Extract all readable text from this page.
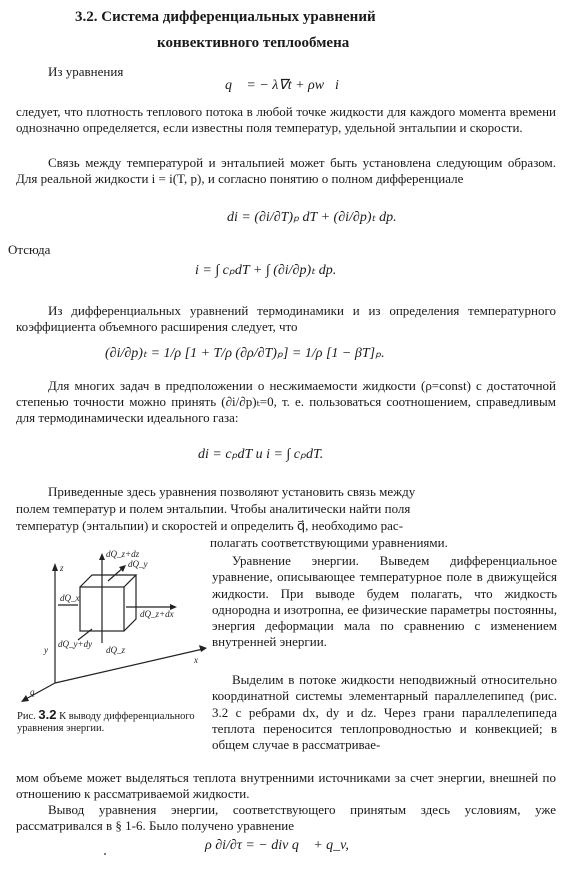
3.2. Система дифференциальных уравнений

конвективного теплообмена

Из уравнения

q⃗ = − λ∇t + ρw⃗i

следует, что плотность теплового потока в любой точке жидкости для каждого момента времени однозначно определяется, если известны поля температур, удельной энтальпии и скорости.

Связь между температурой и энтальпией может быть установлена следующим образом. Для реальной жидкости i = i(T, p), и согласно понятию о полном дифференциале

di = (∂i/∂T)ₚ dT + (∂i/∂p)ₜ dp.

Отсюда

i = ∫ cₚdT + ∫ (∂i/∂p)ₜ dp.

Из дифференциальных уравнений термодинамики и из определения температурного коэффициента объемного расширения следует, что

(∂i/∂p)ₜ = 1/ρ [1 + T/ρ (∂ρ/∂T)ₚ] = 1/ρ [1 − βT]ₚ.

Для многих задач в предположении о несжимаемости жидкости (ρ=const) с достаточной степенью точности можно принять (∂i/∂p)ₜ=0, т. е. пользоваться соотношением, справедливым для термодинамически идеального газа:

di = cₚdT и i = ∫ cₚdT.

Приведенные здесь уравнения позволяют установить связь между

полем температур и полем энтальпии. Чтобы аналитически найти поля

температур (энтальпии) и скоростей и определить q⃗, необходимо рас-

полагать соответствующими уравнениями.

Уравнение энергии. Выведем дифференциальное уравнение, описывающее температурное поле в движущейся жидкости. При выводе будем полагать, что жидкость однородна и изотропна, ее физические параметры постоянны, энергия деформации мала по сравнению с изменением внутренней энергии.

Выделим в потоке жидкости неподвижный относительно координатной системы элементарный параллелепипед (рис. 3.2 с ребрами dx, dy и dz. Через грани параллелепипеда теплота переносится теплопроводностью и конвекцией; в общем случае в рассматривае-

мом объеме может выделяться теплота внутренними источниками за счет энергии, внешней по отношению к рассматриваемой жидкости.

Вывод уравнения энергии, соответствующего принятым здесь условиям, уже рассматривался в § 1-6. Было получено уравнение

ρ ∂i/∂τ = − div q⃗ + q_v,

z
y
x
q
dQ_z+dz
dQ_y
dQ_x
dQ_z+dx
dQ_y+dy
dQ_z

Рис. 3.2 К выводу дифференциального уравнения энергии.
